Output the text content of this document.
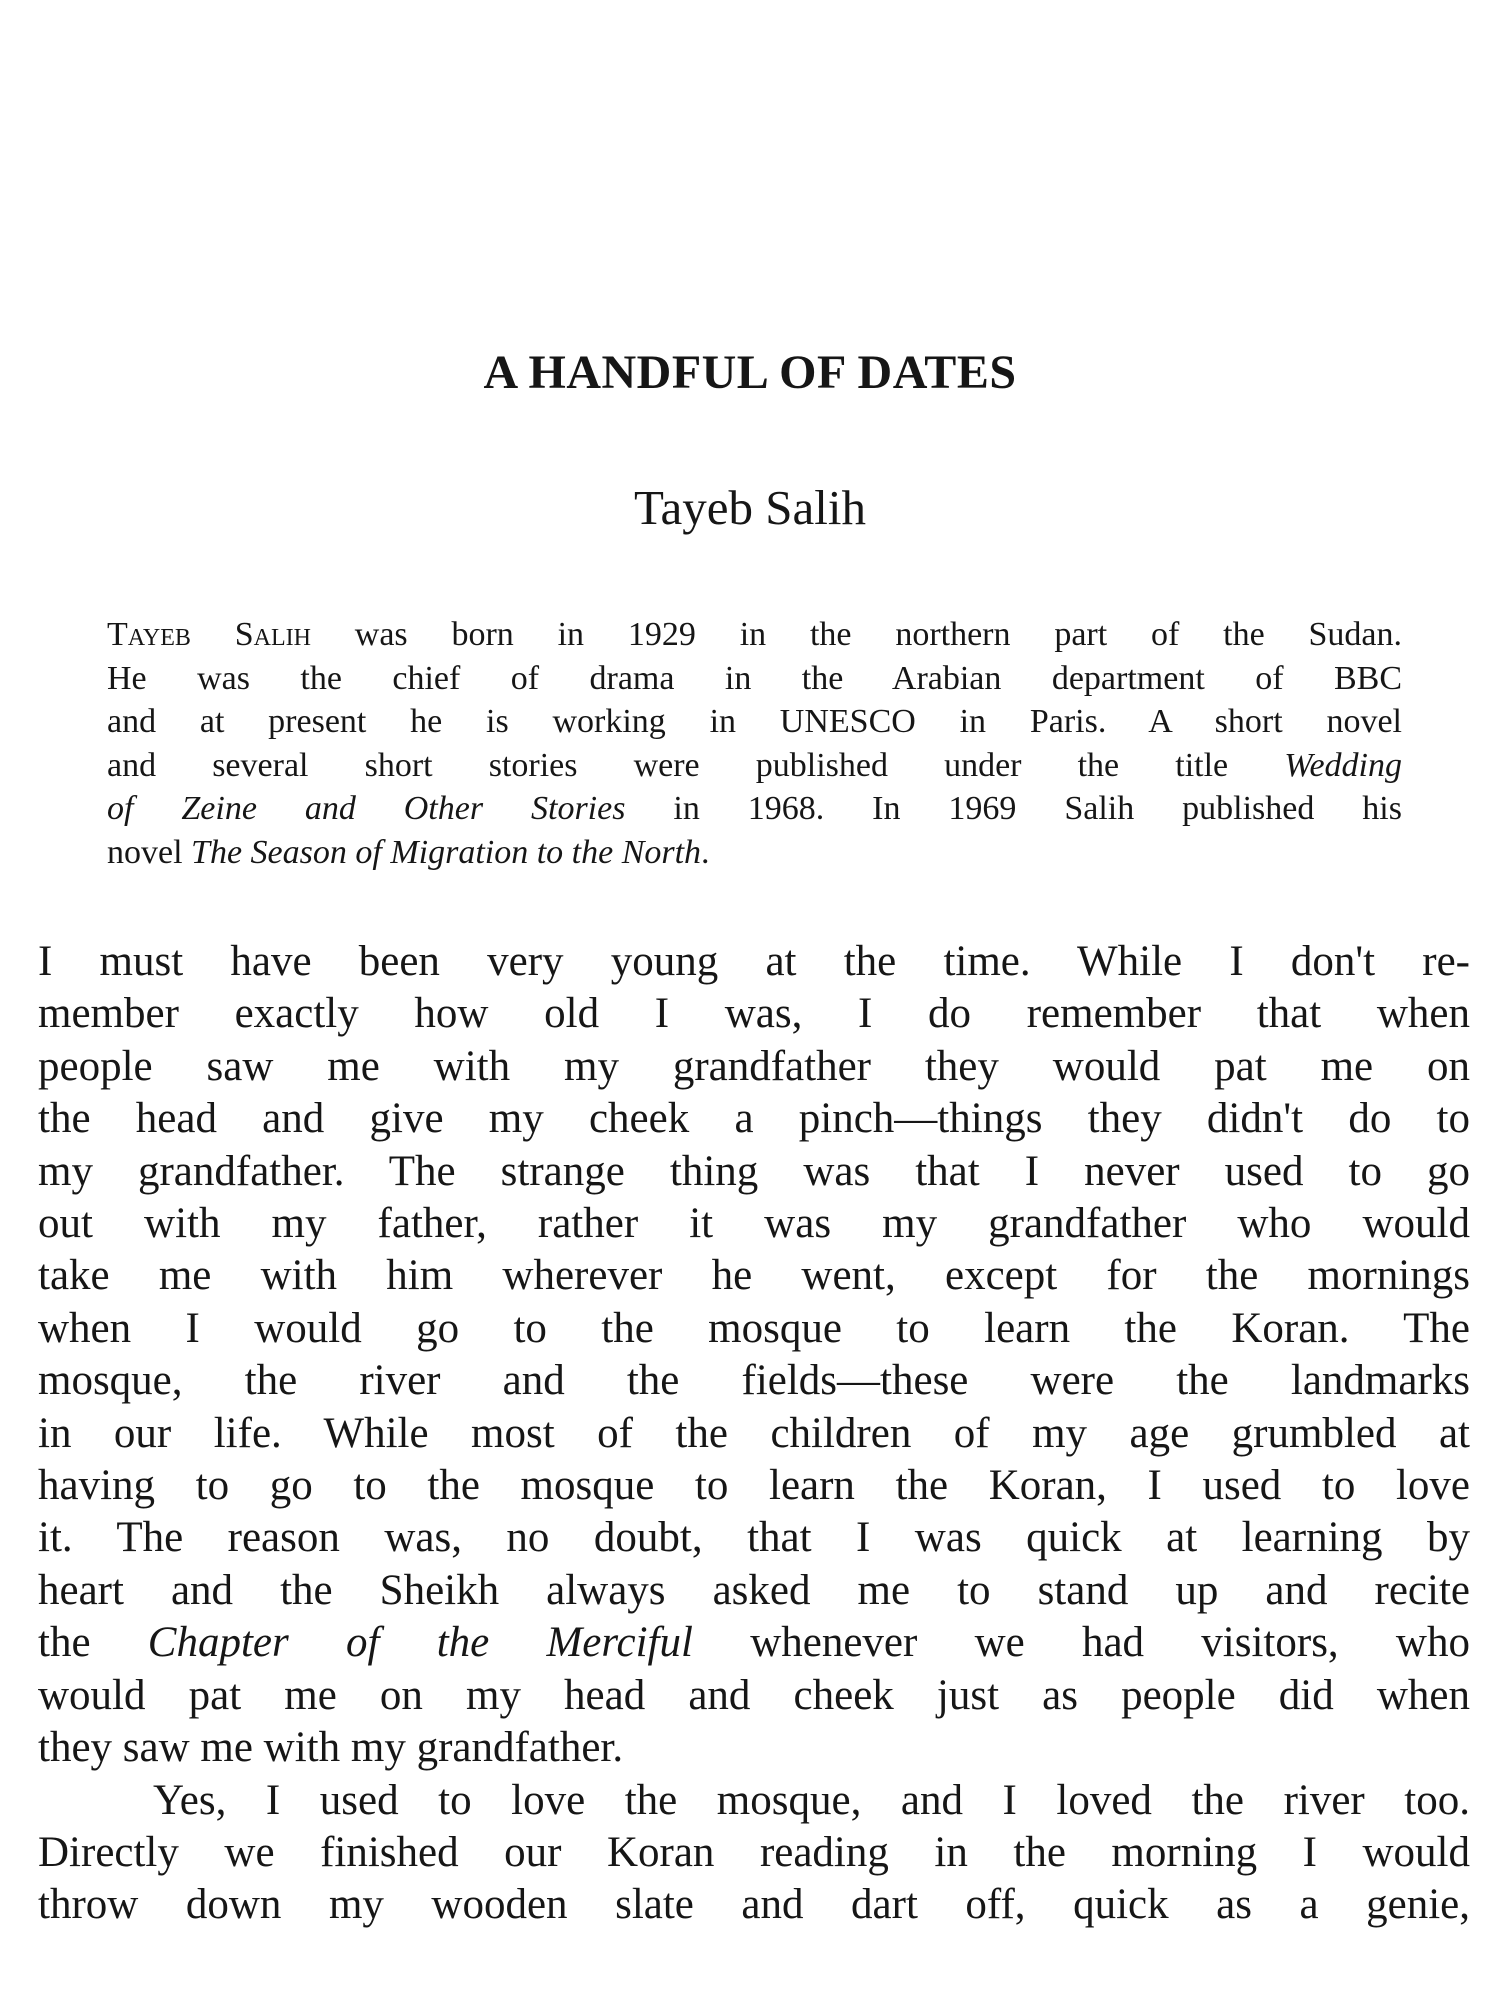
A HANDFUL OF DATES
Tayeb Salih
Tayeb Salih was born in 1929 in the northern part of the Sudan.
He was the chief of drama in the Arabian department of BBC
and at present he is working in UNESCO in Paris. A short novel
and several short stories were published under the title Wedding
of Zeine and Other Stories in 1968. In 1969 Salih published his
novel The Season of Migration to the North.
I must have been very young at the time. While I don't re-
member exactly how old I was, I do remember that when
people saw me with my grandfather they would pat me on
the head and give my cheek a pinch—things they didn't do to
my grandfather. The strange thing was that I never used to go
out with my father, rather it was my grandfather who would
take me with him wherever he went, except for the mornings
when I would go to the mosque to learn the Koran. The
mosque, the river and the fields—these were the landmarks
in our life. While most of the children of my age grumbled at
having to go to the mosque to learn the Koran, I used to love
it. The reason was, no doubt, that I was quick at learning by
heart and the Sheikh always asked me to stand up and recite
the Chapter of the Merciful whenever we had visitors, who
would pat me on my head and cheek just as people did when
they saw me with my grandfather.
Yes, I used to love the mosque, and I loved the river too.
Directly we finished our Koran reading in the morning I would
throw down my wooden slate and dart off, quick as a genie,
